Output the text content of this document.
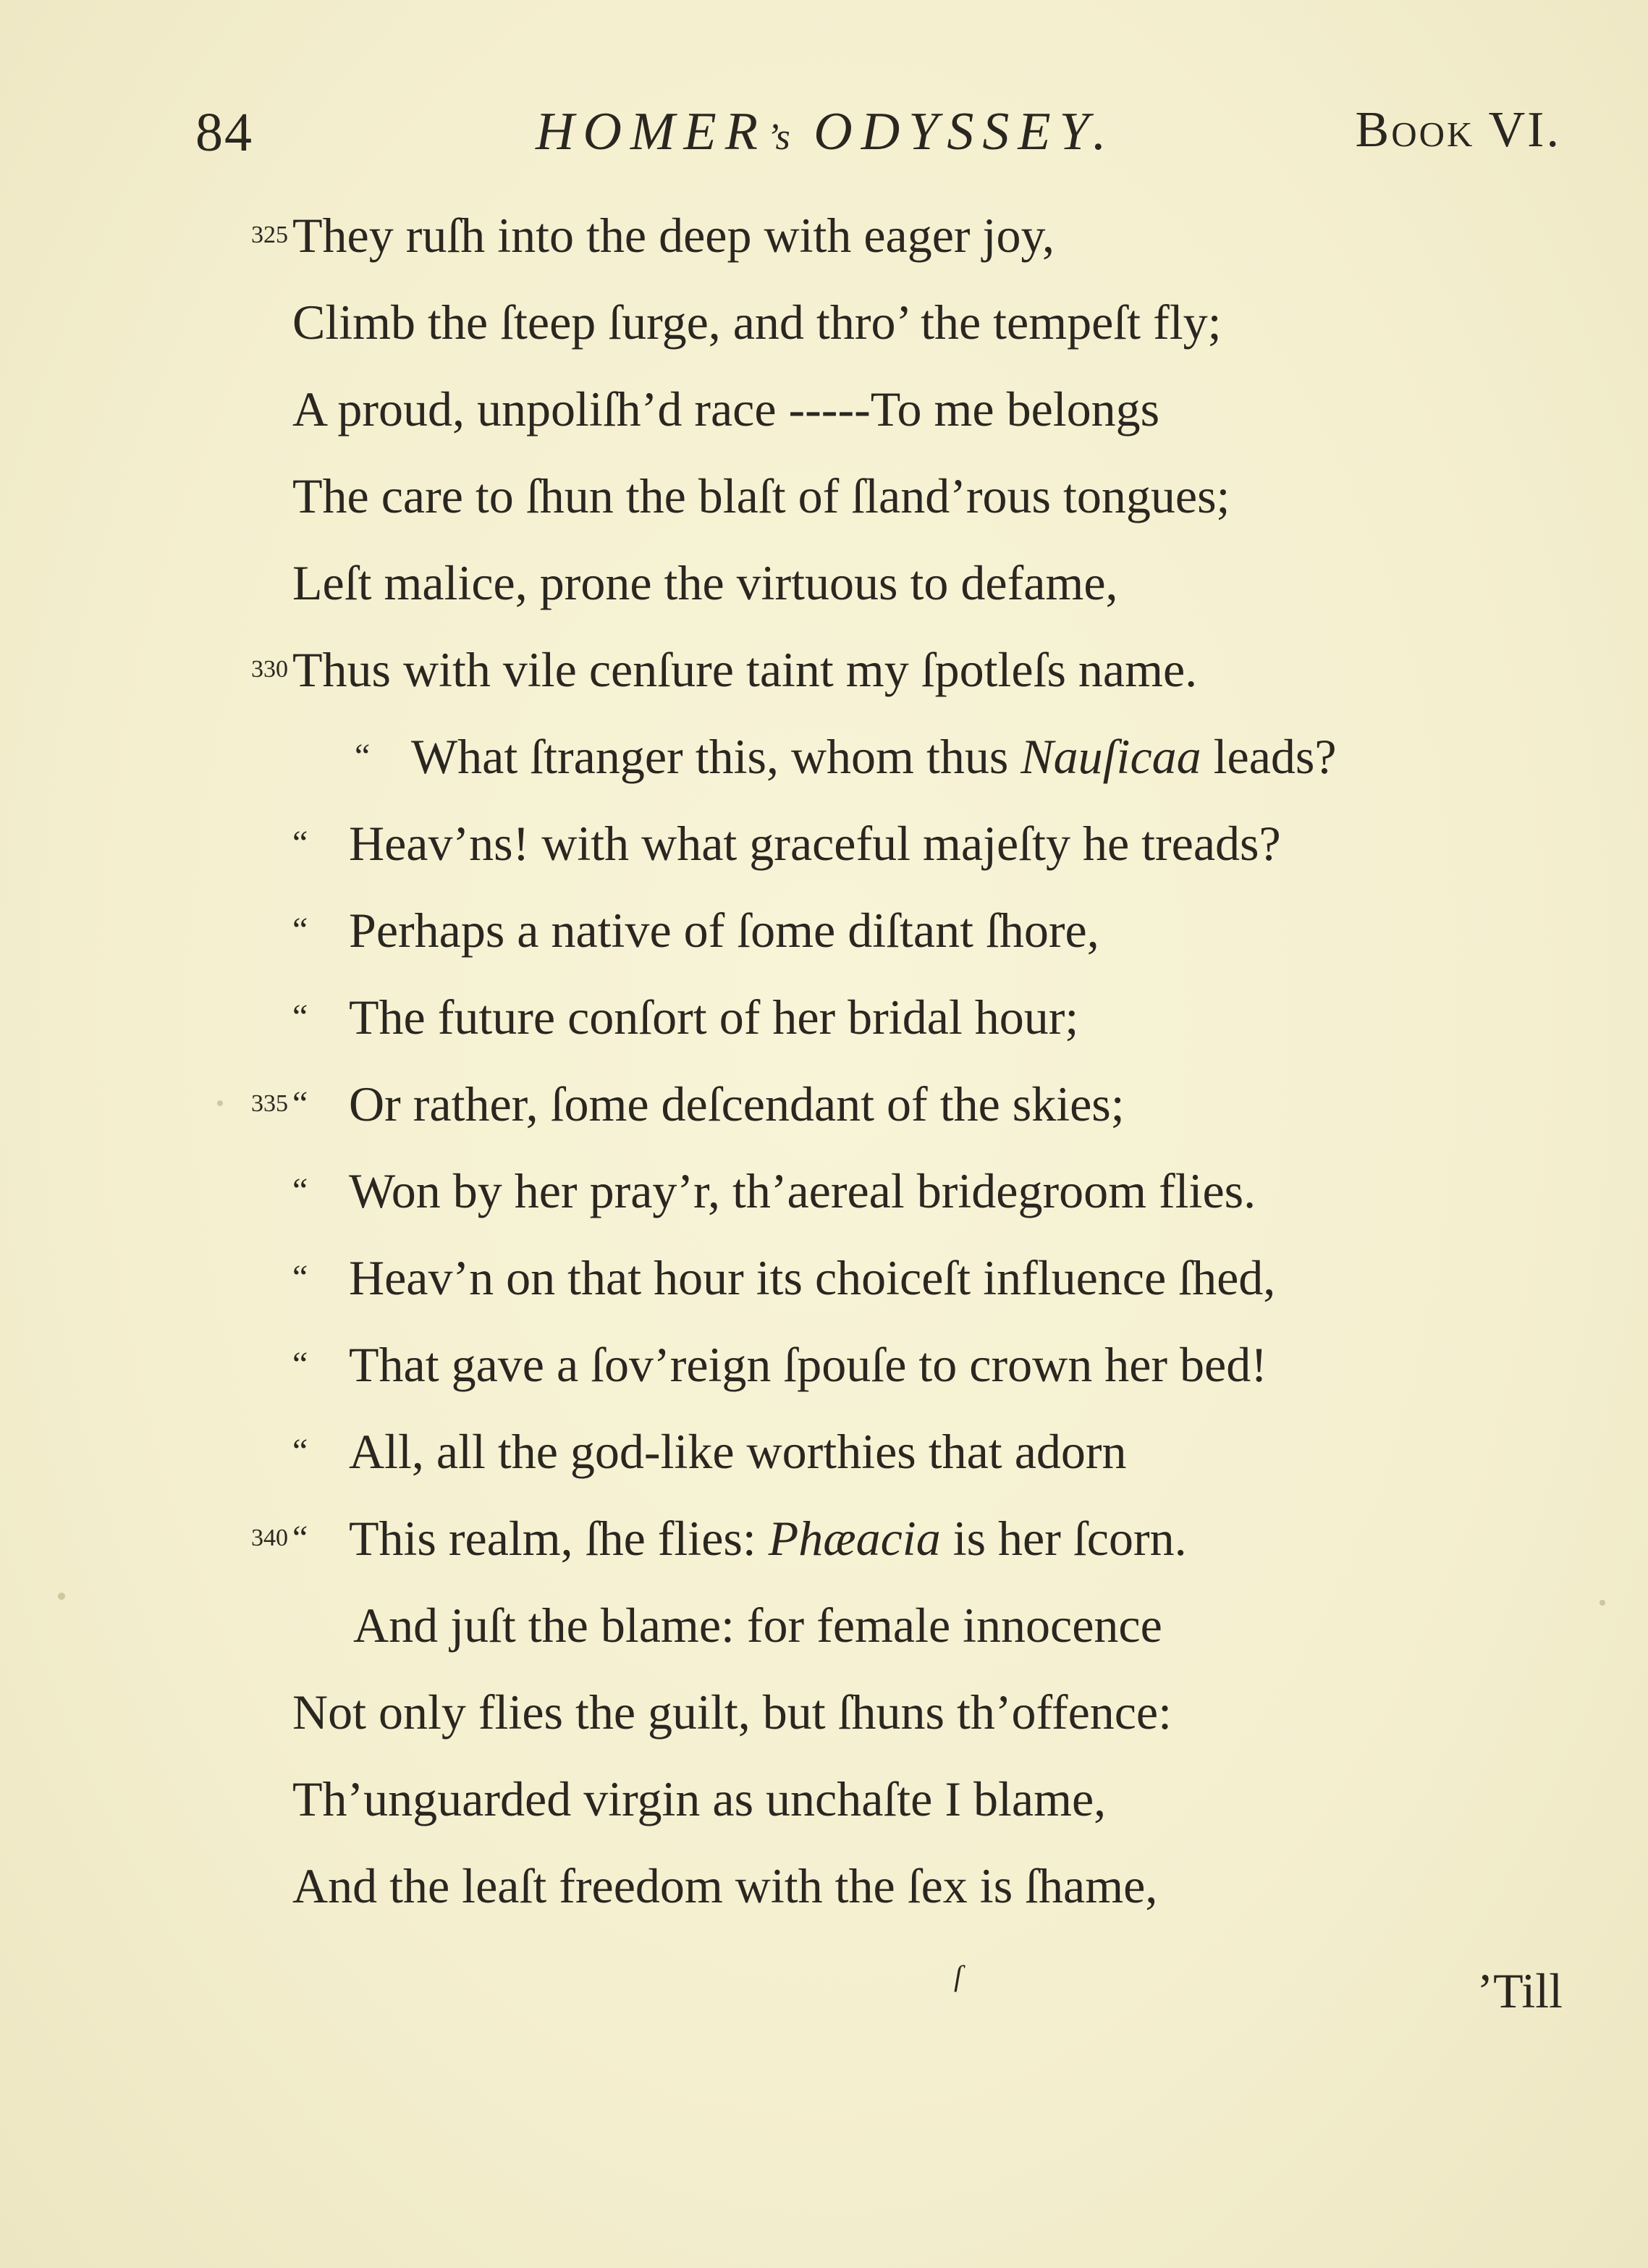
84	HOMER’s ODYSSEY.	Book VI.
325 They ruſh into the deep with eager joy,
Climb the ſteep ſurge, and thro’ the tempeſt fly;
A proud, unpoliſh’d race -----To me belongs
The care to ſhun the blaſt of ſland’rous tongues;
Leſt malice, prone the virtuous to defame,
330 Thus with vile cenſure taint my ſpotleſs name.
“ What ſtranger this, whom thus Nauſicaa leads?
“ Heav’ns! with what graceful majeſty he treads?
“ Perhaps a native of ſome diſtant ſhore,
“ The future conſort of her bridal hour;
335 “ Or rather, ſome deſcendant of the skies;
“ Won by her pray’r, th’aereal bridegroom flies.
“ Heav’n on that hour its choiceſt influence ſhed,
“ That gave a ſov’reign ſpouſe to crown her bed!
“ All, all the god-like worthies that adorn
340 “ This realm, ſhe flies: Phæacia is her ſcorn.
And juſt the blame: for female innocence
Not only flies the guilt, but ſhuns th’offence:
Th’unguarded virgin as unchaſte I blame,
And the leaſt freedom with the ſex is ſhame,
ſ	’Till
